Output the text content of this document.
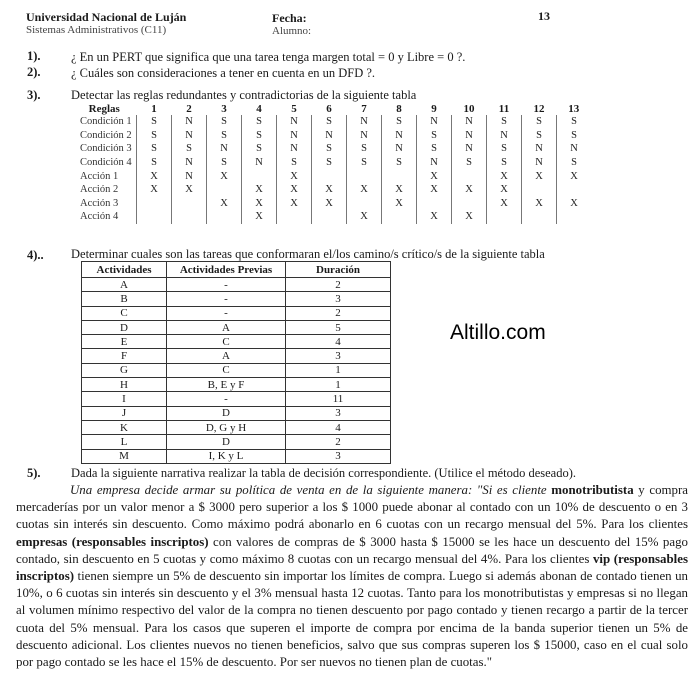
Universidad Nacional de Luján
Sistemas Administrativos (C11)
Fecha:
Alumno:
13
1). ¿ En un PERT que significa que una tarea tenga margen total = 0 y Libre = 0 ?.
2). ¿ Cuáles son consideraciones a tener en cuenta en un DFD ?.
3). Detectar las reglas redundantes y contradictorias de la siguiente tabla
Reglas	1	2	3	4	5	6	7	8	9	10	11	12	13
Condición 1	S	N	S	S	N	S	N	S	N	N	S	S	S
Condición 2	S	N	S	S	N	N	N	N	S	N	N	S	S
Condición 3	S	S	N	S	N	S	S	N	S	N	S	N	N
Condición 4	S	N	S	N	S	S	S	S	N	S	S	N	S
Acción 1	X	N	X		X				X		X	X	X
Acción 2	X	X		X	X	X	X	X	X	X	X		
Acción 3			X	X	X	X		X			X	X	X
Acción 4				X			X		X	X			
4).. Determinar cuales son las tareas que conformaran el/los camino/s crítico/s de la siguiente tabla
Actividades	Actividades Previas	Duración
A	-	2
B	-	3
C	-	2
D	A	5
E	C	4
F	A	3
G	C	1
H	B, E y F	1
I	-	11
J	D	3
K	D, G y H	4
L	D	2
M	I, K y L	3
Altillo.com
5). Dada la siguiente narrativa realizar la tabla de decisión correspondiente. (Utilice el método deseado).
Una empresa decide armar su política de venta en de la siguiente manera: "Si es cliente monotributista y compra mercaderías por un valor menor a $ 3000 pero superior a los $ 1000 puede abonar al contado con un 10% de descuento o en 3 cuotas sin interés sin descuento. Como máximo podrá abonarlo en 6 cuotas con un recargo mensual del 5%. Para los clientes empresas (responsables inscriptos) con valores de compras de $ 3000 hasta $ 15000 se les hace un descuento del 15% pago contado, sin descuento en 5 cuotas y como máximo 8 cuotas con un recargo mensual del 4%. Para los clientes vip (responsables inscriptos) tienen siempre un 5% de descuento sin importar los límites de compra. Luego si además abonan de contado tienen un 10%, o 6 cuotas sin interés sin descuento y el 3% mensual hasta 12 cuotas. Tanto para los monotributistas y empresas si no llegan al volumen mínimo respectivo del valor de la compra no tienen descuento por pago contado y tienen recargo a partir de la tercer cuota del 5% mensual. Para los casos que superen el importe de compra por encima de la banda superior tienen un 5% de descuento adicional. Los clientes nuevos no tienen beneficios, salvo que sus compras superen los $ 15000, caso en el cual solo por pago contado se les hace el 15% de descuento. Por ser nuevos no tienen plan de cuotas."
